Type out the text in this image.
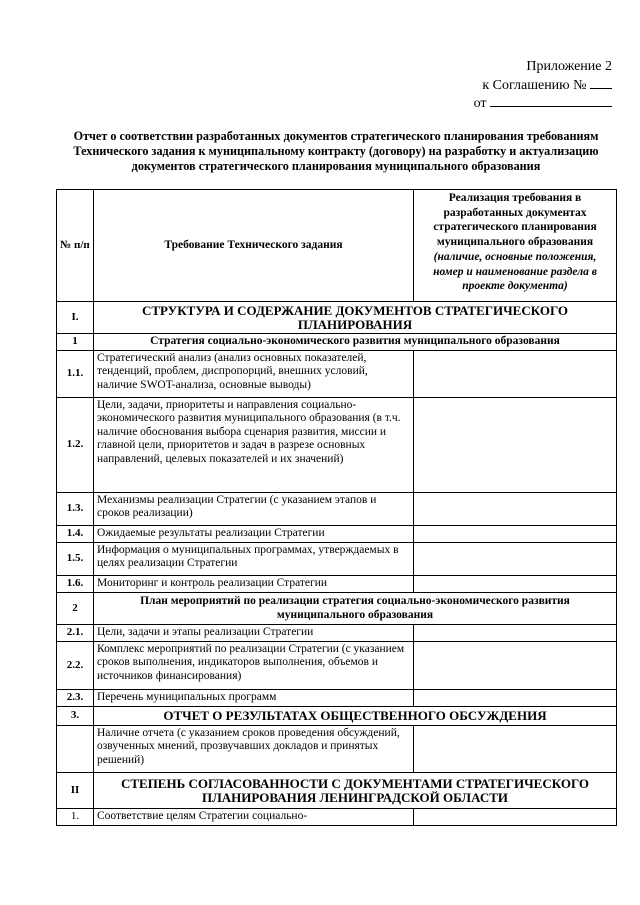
Приложение 2
к Соглашению №
от
Отчет о соответствии разработанных документов стратегического планирования требованиям Технического задания к муниципальному контракту (договору) на разработку и актуализацию документов стратегического планирования муниципального образования
№ п/п	Требование Технического задания	Реализация требования в разработанных документах стратегического планирования муниципального образования
(наличие, основные положения, номер и наименование раздела в проекте документа)

I.	СТРУКТУРА И СОДЕРЖАНИЕ ДОКУМЕНТОВ СТРАТЕГИЧЕСКОГО ПЛАНИРОВАНИЯ	
1	Стратегия социально-экономического развития муниципального образования	
1.1.	Стратегический анализ (анализ основных показателей, тенденций, проблем, диспропорций, внешних условий, наличие SWOT-анализа, основные выводы)	
1.2.	Цели, задачи, приоритеты и направления социально-экономического развития муниципального образования (в т.ч. наличие обоснования выбора сценария развития, миссии и главной цели, приоритетов и задач в разрезе основных направлений, целевых показателей и их значений)	
1.3.	Механизмы реализации Стратегии (с указанием этапов и сроков реализации)	
1.4.	Ожидаемые результаты реализации Стратегии	
1.5.	Информация о муниципальных программах, утверждаемых в целях реализации Стратегии	
1.6.	Мониторинг и контроль реализации Стратегии	
2	План мероприятий по реализации стратегия социально-экономического развития муниципального образования	
2.1.	Цели, задачи и этапы реализации Стратегии	
2.2.	Комплекс мероприятий по реализации Стратегии (с указанием сроков выполнения, индикаторов выполнения, объемов и источников финансирования)	
2.3.	Перечень муниципальных программ	
3.	ОТЧЕТ О РЕЗУЛЬТАТАХ ОБЩЕСТВЕННОГО ОБСУЖДЕНИЯ	
	Наличие отчета (с указанием сроков проведения обсуждений, озвученных мнений, прозвучавших докладов и принятых решений)	
II	СТЕПЕНЬ СОГЛАСОВАННОСТИ С ДОКУМЕНТАМИ СТРАТЕГИЧЕСКОГО ПЛАНИРОВАНИЯ ЛЕНИНГРАДСКОЙ ОБЛАСТИ	
1.	Соответствие целям Стратегии социально-	
